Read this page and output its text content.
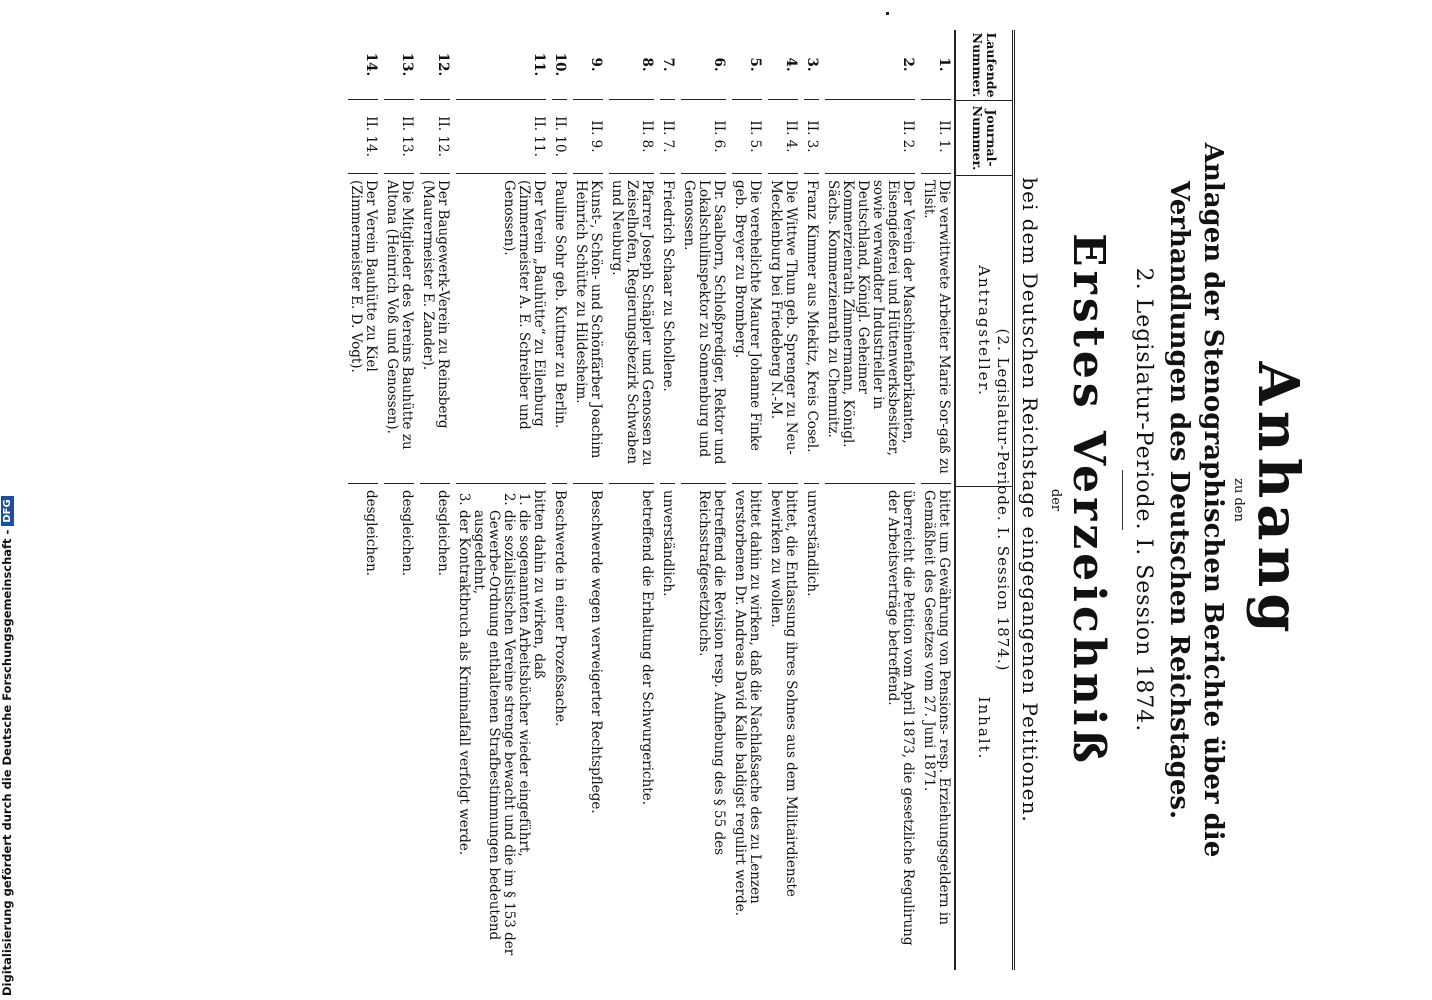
Anhang
zu den
Anlagen der Stenographischen Berichte über die Verhandlungen des Deutschen Reichstages.
2. Legislatur-Periode. I. Session 1874.
Erstes Verzeichniß
der
bei dem Deutschen Reichstage eingegangenen Petitionen.
(2. Legislatur-Periode. I. Session 1874.)
Laufende Nummer.
Journal-Nummer.
Antragsteller.
Inhalt.
1.
II. 1.
Die verwittwete Arbeiter Marie Sor-gaß zu Tilsit.
bittet um Gewährung von Pensions- resp. Erziehungsgeldern in Gemäßheit des Gesetzes vom 27. Juni 1871.
2.
II. 2.
Der Verein der Maschinenfabrikanten, Eisengießerei und Hüttenwerksbesitzer, sowie verwandter Industrieller in Deutschland, Königl. Geheimer Kommerzienrath Zimmermann, Königl. Sächs. Kommerzienrath zu Chemnitz.
überreicht die Petition vom April 1873, die gesetzliche Regulirung der Arbeitsverträge betreffend.
3.
II. 3.
Franz Kimmer aus Miekitz, Kreis Cosel.
unverständlich.
4.
II. 4.
Die Wittwe Thun geb. Sprenger zu Neu-Mecklenburg bei Friedeberg N.-M.
bittet, die Entlassung ihres Sohnes aus dem Militairdienste bewirken zu wollen.
5.
II. 5.
Die verehelichte Maurer Johanne Finke geb. Breyer zu Bromberg.
bittet dahin zu wirken, daß die Nachlaßsache des zu Lenzen verstorbenen Dr. Andreas David Kalle baldigst regulirt werde.
6.
II. 6.
Dr. Saalborn, Schloßprediger, Rektor und Lokalschulinspektor zu Sonnenburg und Genossen.
betreffend die Revision resp. Aufhebung des § 55 des Reichsstrafgesetzbuchs.
7.
II. 7.
Friedrich Schaar zu Schollene.
unverständlich.
8.
II. 8.
Pfarrer Joseph Schäpler und Genossen zu Zeiselhofen, Regierungsbezirk Schwaben und Neuburg.
betreffend die Erhaltung der Schwurgerichte.
9.
II. 9.
Kunst-, Schön- und Schönfärber Joachim Heinrich Schütte zu Hildesheim.
Beschwerde wegen verweigerter Rechtspflege.
10.
II. 10.
Pauline Sohr geb. Kuttner zu Berlin.
Beschwerde in einer Prozeßsache.
11.
II. 11.
Der Verein „Bauhütte“ zu Eilenburg (Zimmermeister A. E. Schreiber und Genossen).
bitten dahin zu wirken, daß
1. die sogenannten Arbeitsbücher wieder eingeführt,
2. die sozialistischen Vereine strenge bewacht und die im § 153 der Gewerbe-Ordnung enthaltenen Strafbestimmungen bedeutend ausgedehnt,
3. der Kontraktbruch als Kriminalfall verfolgt werde.
12.
II. 12.
Der Baugewerk-Verein zu Reinsberg (Maurermeister E. Zander).
desgleichen.
13.
II. 13.
Die Mitglieder des Vereins Bauhütte zu Altona (Heinrich Voß und Genossen).
desgleichen.
14.
II. 14.
Der Verein Bauhütte zu Kiel (Zimmermeister E. D. Vogt).
desgleichen.
Digitalisierung gefördert durch die Deutsche Forschungsgemeinschaft -
DFG
